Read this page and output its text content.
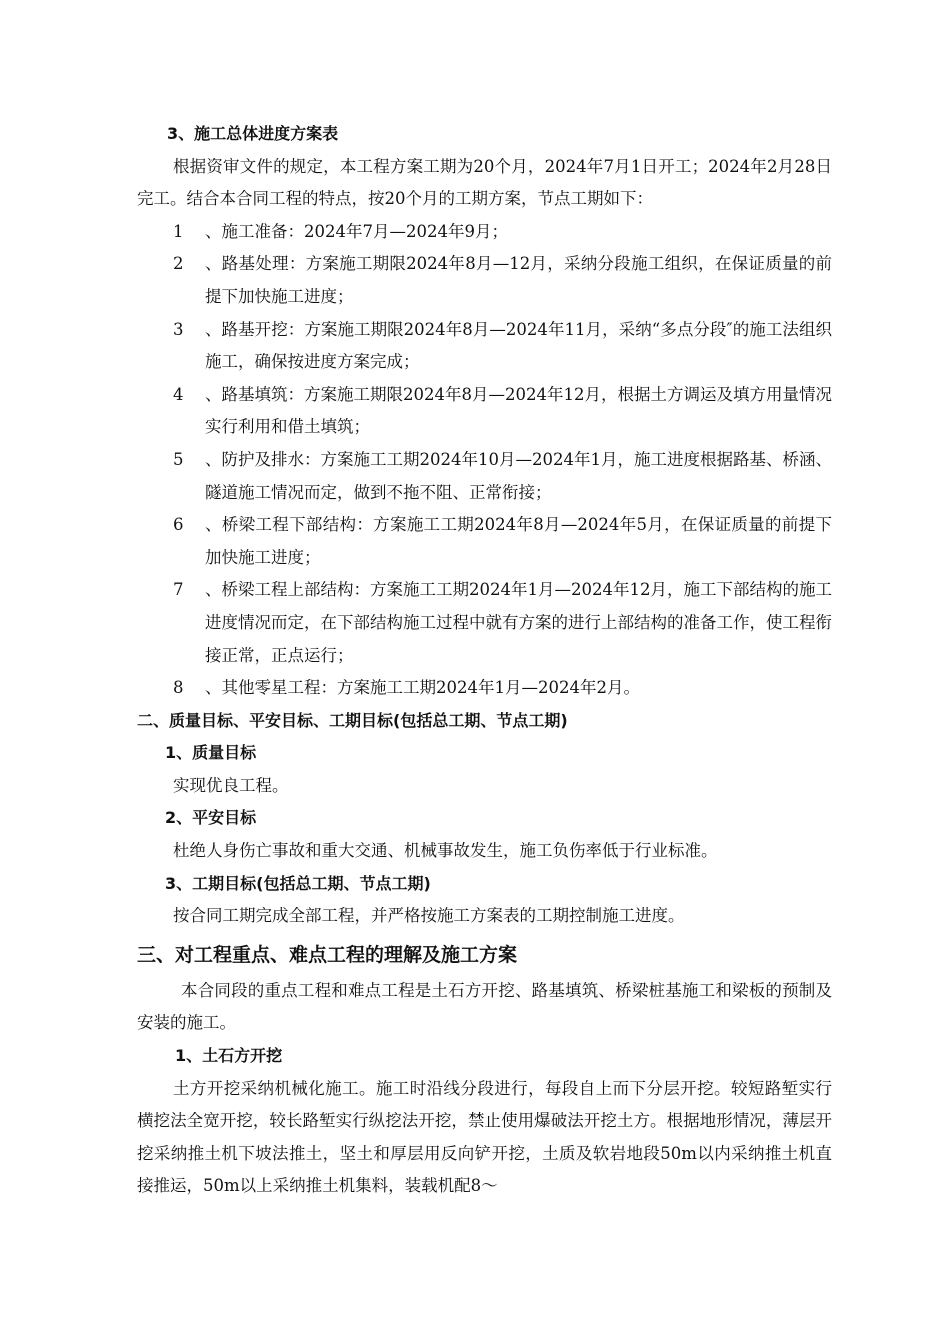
3、施工总体进度方案表
根据资审文件的规定，本工程方案工期为20个月，2024年7月1日开工；2024年2月28日完工。结合本合同工程的特点，按20个月的工期方案，节点工期如下：
1	、施工准备：2024年7月—2024年9月；
2	、路基处理：方案施工期限2024年8月—12月，采纳分段施工组织，在保证质量的前提下加快施工进度；
3	、路基开挖：方案施工期限2024年8月—2024年11月，采纳“多点分段″的施工法组织施工，确保按进度方案完成；
4	、路基填筑：方案施工期限2024年8月—2024年12月，根据土方调运及填方用量情况实行利用和借土填筑；
5	、防护及排水：方案施工工期2024年10月—2024年1月，施工进度根据路基、桥涵、隧道施工情况而定，做到不拖不阻、正常衔接；
6	、桥梁工程下部结构：方案施工工期2024年8月—2024年5月，在保证质量的前提下加快施工进度；
7	、桥梁工程上部结构：方案施工工期2024年1月—2024年12月，施工下部结构的施工进度情况而定，在下部结构施工过程中就有方案的进行上部结构的准备工作，使工程衔接正常，正点运行；
8	、其他零星工程：方案施工工期2024年1月—2024年2月。
二、质量目标、平安目标、工期目标(包括总工期、节点工期)
1、质量目标
实现优良工程。
2、平安目标
杜绝人身伤亡事故和重大交通、机械事故发生，施工负伤率低于行业标准。
3、工期目标(包括总工期、节点工期)
按合同工期完成全部工程，并严格按施工方案表的工期控制施工进度。
三、对工程重点、难点工程的理解及施工方案
本合同段的重点工程和难点工程是土石方开挖、路基填筑、桥梁桩基施工和梁板的预制及安装的施工。
1、土石方开挖
土方开挖采纳机械化施工。施工时沿线分段进行，每段自上而下分层开挖。较短路堑实行横挖法全宽开挖，较长路堑实行纵挖法开挖，禁止使用爆破法开挖土方。根据地形情况，薄层开挖采纳推土机下坡法推土，坚土和厚层用反向铲开挖，土质及软岩地段50m以内采纳推土机直接推运，50m以上采纳推土机集料，装载机配8～
